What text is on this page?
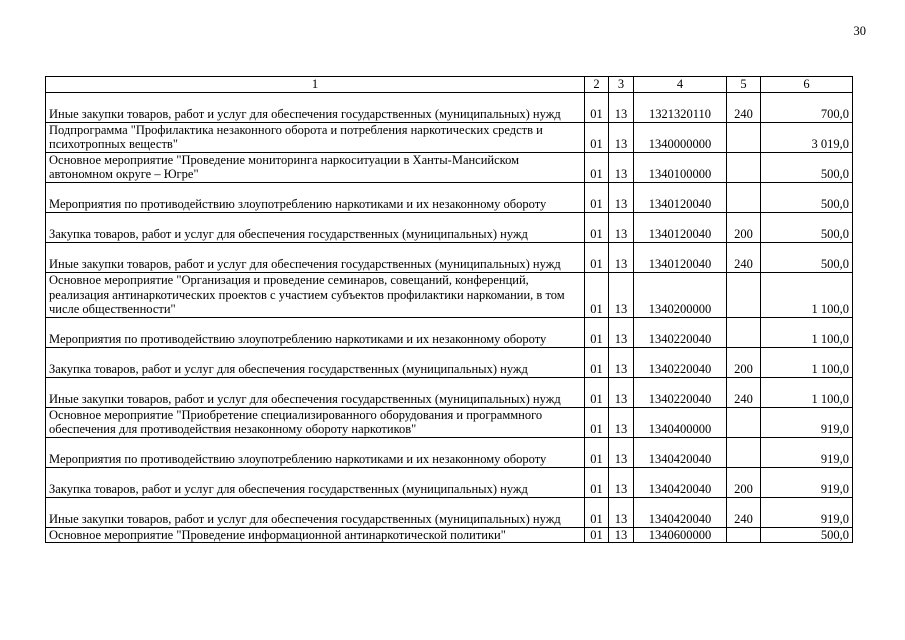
30
1	2	3	4	5	6
Иные закупки товаров, работ и услуг для обеспечения государственных (муниципальных) нужд	01	13	1321320110	240	700,0
Подпрограмма "Профилактика незаконного оборота и потребления наркотических средств и психотропных веществ"	01	13	1340000000		3 019,0
Основное мероприятие "Проведение мониторинга наркоситуации в Ханты-Мансийском автономном округе – Югре"	01	13	1340100000		500,0
Мероприятия по противодействию злоупотреблению наркотиками и их незаконному обороту	01	13	1340120040		500,0
Закупка товаров, работ и услуг для обеспечения государственных (муниципальных) нужд	01	13	1340120040	200	500,0
Иные закупки товаров, работ и услуг для обеспечения государственных (муниципальных) нужд	01	13	1340120040	240	500,0
Основное мероприятие "Организация и проведение семинаров, совещаний, конференций, реализация антинаркотических проектов с участием субъектов профилактики наркомании, в том числе общественности"	01	13	1340200000		1 100,0
Мероприятия по противодействию злоупотреблению наркотиками и их незаконному обороту	01	13	1340220040		1 100,0
Закупка товаров, работ и услуг для обеспечения государственных (муниципальных) нужд	01	13	1340220040	200	1 100,0
Иные закупки товаров, работ и услуг для обеспечения государственных (муниципальных) нужд	01	13	1340220040	240	1 100,0
Основное мероприятие "Приобретение специализированного оборудования и программного обеспечения для противодействия незаконному обороту наркотиков"	01	13	1340400000		919,0
Мероприятия по противодействию злоупотреблению наркотиками и их незаконному обороту	01	13	1340420040		919,0
Закупка товаров, работ и услуг для обеспечения государственных (муниципальных) нужд	01	13	1340420040	200	919,0
Иные закупки товаров, работ и услуг для обеспечения государственных (муниципальных) нужд	01	13	1340420040	240	919,0
Основное мероприятие "Проведение информационной антинаркотической политики"	01	13	1340600000		500,0
